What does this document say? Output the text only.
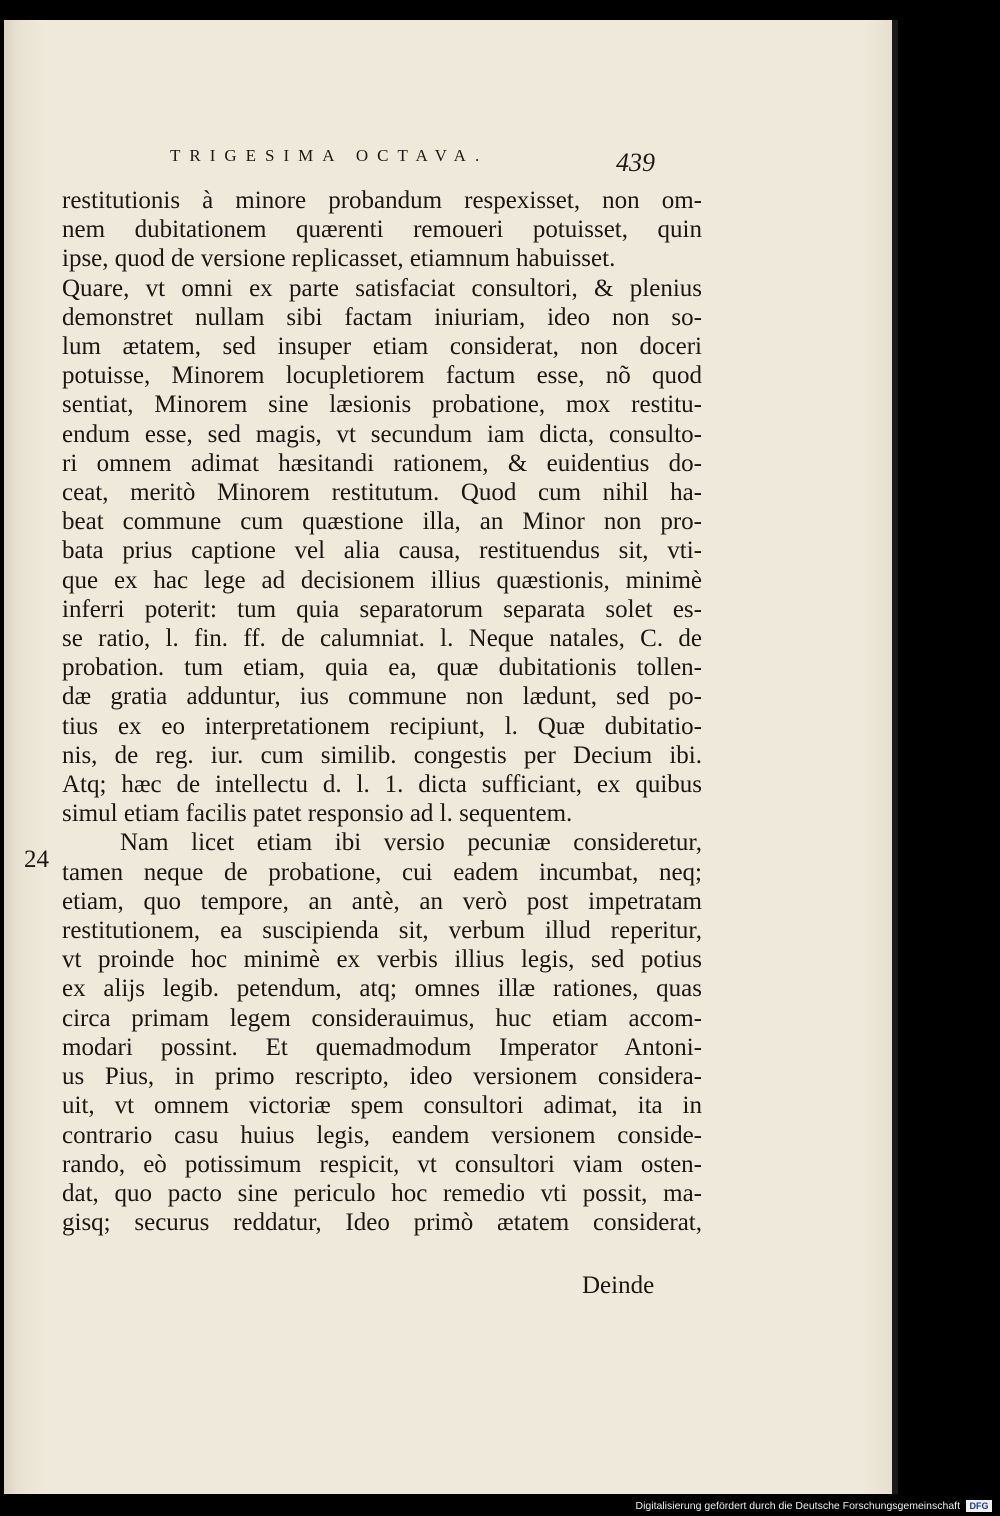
TRIGESIMA OCTAVA.	439
restitutionis à minore probandum respexisset, non om-
nem dubitationem quærenti remoueri potuisset, quin
ipse, quod de versione replicasset, etiamnum habuisset.
Quare, vt omni ex parte satisfaciat consultori, & plenius
demonstret nullam sibi factam iniuriam, ideo non so-
lum ætatem, sed insuper etiam considerat, non doceri
potuisse, Minorem locupletiorem factum esse, nõ quod
sentiat, Minorem sine læsionis probatione, mox restitu-
endum esse, sed magis, vt secundum iam dicta, consulto-
ri omnem adimat hæsitandi rationem, & euidentius do-
ceat, meritò Minorem restitutum. Quod cum nihil ha-
beat commune cum quæstione illa, an Minor non pro-
bata prius captione vel alia causa, restituendus sit, vti-
que ex hac lege ad decisionem illius quæstionis, minimè
inferri poterit: tum quia separatorum separata solet es-
se ratio, l. fin. ff. de calumniat. l. Neque natales, C. de
probation. tum etiam, quia ea, quæ dubitationis tollen-
dæ gratia adduntur, ius commune non lædunt, sed po-
tius ex eo interpretationem recipiunt, l. Quæ dubitatio-
nis, de reg. iur. cum similib. congestis per Decium ibi.
Atq; hæc de intellectu d. l. 1. dicta sufficiant, ex quibus
simul etiam facilis patet responsio ad l. sequentem.
Nam licet etiam ibi versio pecuniæ consideretur,
tamen neque de probatione, cui eadem incumbat, neq;
etiam, quo tempore, an antè, an verò post impetratam
restitutionem, ea suscipienda sit, verbum illud reperitur,
vt proinde hoc minimè ex verbis illius legis, sed potius
ex alijs legib. petendum, atq; omnes illæ rationes, quas
circa primam legem considerauimus, huc etiam accom-
modari possint. Et quemadmodum Imperator Antoni-
us Pius, in primo rescripto, ideo versionem considera-
uit, vt omnem victoriæ spem consultori adimat, ita in
contrario casu huius legis, eandem versionem conside-
rando, eò potissimum respicit, vt consultori viam osten-
dat, quo pacto sine periculo hoc remedio vti possit, ma-
gisq; securus reddatur, Ideo primò ætatem considerat,
24
Deinde
Digitalisierung gefördert durch die Deutsche Forschungsgemeinschaft	DFG
